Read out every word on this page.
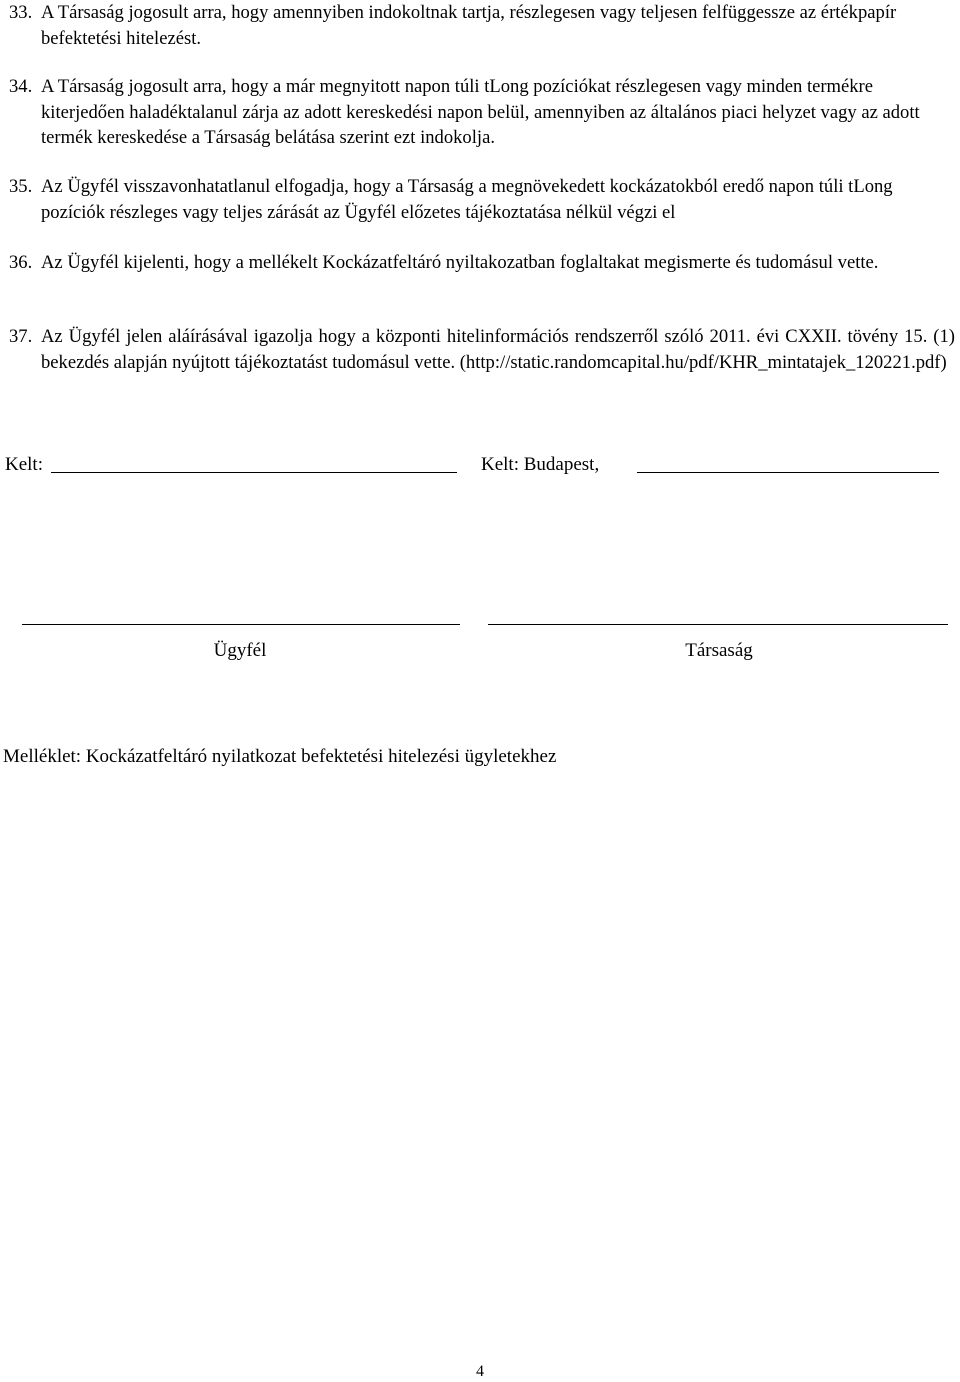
33. A Társaság jogosult arra, hogy amennyiben indokoltnak tartja, részlegesen vagy teljesen felfüggessze az értékpapír befektetési hitelezést.
34. A Társaság jogosult arra, hogy a már megnyitott napon túli tLong pozíciókat részlegesen vagy minden termékre kiterjedően haladéktalanul zárja az adott kereskedési napon belül, amennyiben az általános piaci helyzet vagy az adott termék kereskedése a Társaság belátása szerint ezt indokolja.
35. Az Ügyfél visszavonhatatlanul elfogadja, hogy a Társaság a megnövekedett kockázatokból eredő napon túli tLong pozíciók részleges vagy teljes zárását az Ügyfél előzetes tájékoztatása nélkül végzi el
36. Az Ügyfél kijelenti, hogy a mellékelt Kockázatfeltáró nyiltakozatban foglaltakat megismerte és tudomásul vette.
37. Az Ügyfél jelen aláírásával igazolja hogy a központi hitelinformációs rendszerről szóló 2011. évi CXXII. tövény 15. (1) bekezdés alapján nyújtott tájékoztatást tudomásul vette. (http://static.randomcapital.hu/pdf/KHR_mintatajek_120221.pdf)
Kelt:	Kelt: Budapest,
Ügyfél	Társaság
Melléklet: Kockázatfeltáró nyilatkozat befektetési hitelezési ügyletekhez
4
